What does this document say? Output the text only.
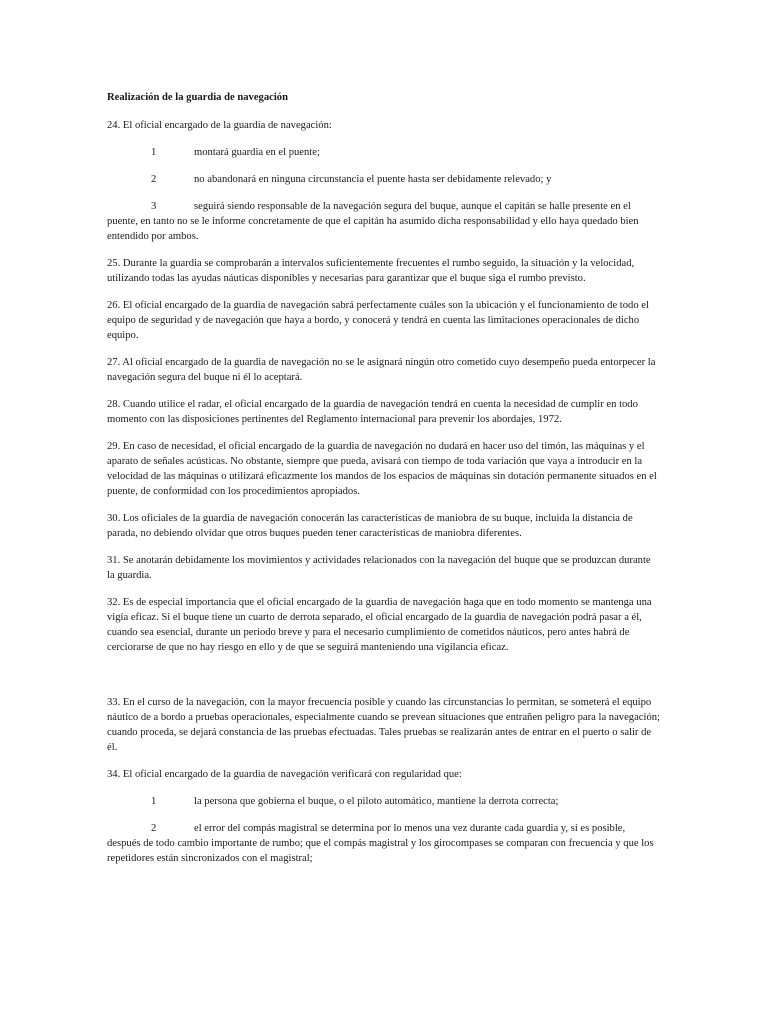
Realización de la guardia de navegación
24. El oficial encargado de la guardia de navegación:
1	montará guardia en el puente;
2	no abandonará en ninguna circunstancia el puente hasta ser debidamente relevado; y
3	seguirá siendo responsable de la navegación segura del buque, aunque el capitán se halle presente en el puente, en tanto no se le informe concretamente de que el capitán ha asumido dicha responsabilidad y ello haya quedado bien entendido por ambos.
25. Durante la guardia se comprobarán a intervalos suficientemente frecuentes el rumbo seguido, la situación y la velocidad, utilizando todas las ayudas náuticas disponibles y necesarias para garantizar que el buque siga el rumbo previsto.
26. El oficial encargado de la guardia de navegación sabrá perfectamente cuáles son la ubicación y el funcionamiento de todo el equipo de seguridad y de navegación que haya a bordo, y conocerá y tendrá en cuenta las limitaciones operacionales de dicho equipo.
27. Al oficial encargado de la guardia de navegación no se le asignará ningún otro cometido cuyo desempeño pueda entorpecer la navegación segura del buque ni él lo aceptará.
28. Cuando utilice el radar, el oficial encargado de la guardia de navegación tendrá en cuenta la necesidad de cumplir en todo momento con las disposiciones pertinentes del Reglamento internacional para prevenir los abordajes, 1972.
29. En caso de necesidad, el oficial encargado de la guardia de navegación no dudará en hacer uso del timón, las máquinas y el aparato de señales acústicas. No obstante, siempre que pueda, avisará con tiempo de toda variación que vaya a introducir en la velocidad de las máquinas o utilizará eficazmente los mandos de los espacios de máquinas sin dotación permanente situados en el puente, de conformidad con los procedimientos apropiados.
30. Los oficiales de la guardia de navegación conocerán las características de maniobra de su buque, incluida la distancia de parada, no debiendo olvidar que otros buques pueden tener características de maniobra diferentes.
31. Se anotarán debidamente los movimientos y actividades relacionados con la navegación del buque que se produzcan durante la guardia.
32. Es de especial importancia que el oficial encargado de la guardia de navegación haga que en todo momento se mantenga una vigía eficaz. Si el buque tiene un cuarto de derrota separado, el oficial encargado de la guardia de navegación podrá pasar a él, cuando sea esencial, durante un periodo breve y para el necesario cumplimiento de cometidos náuticos, pero antes habrá de cerciorarse de que no hay riesgo en ello y de que se seguirá manteniendo una vigilancia eficaz.
33. En el curso de la navegación, con la mayor frecuencia posible y cuando las circunstancias lo permitan, se someterá el equipo náutico de a bordo a pruebas operacionales, especialmente cuando se prevean situaciones que entrañen peligro para la navegación; cuando proceda, se dejará constancia de las pruebas efectuadas. Tales pruebas se realizarán antes de entrar en el puerto o salir de él.
34. El oficial encargado de la guardia de navegación verificará con regularidad que:
1	la persona que gobierna el buque, o el piloto automático, mantiene la derrota correcta;
2	el error del compás magistral se determina por lo menos una vez durante cada guardia y, si es posible, después de todo cambio importante de rumbo; que el compás magistral y los girocompases se comparan con frecuencia y que los repetidores están sincronizados con el magistral;
